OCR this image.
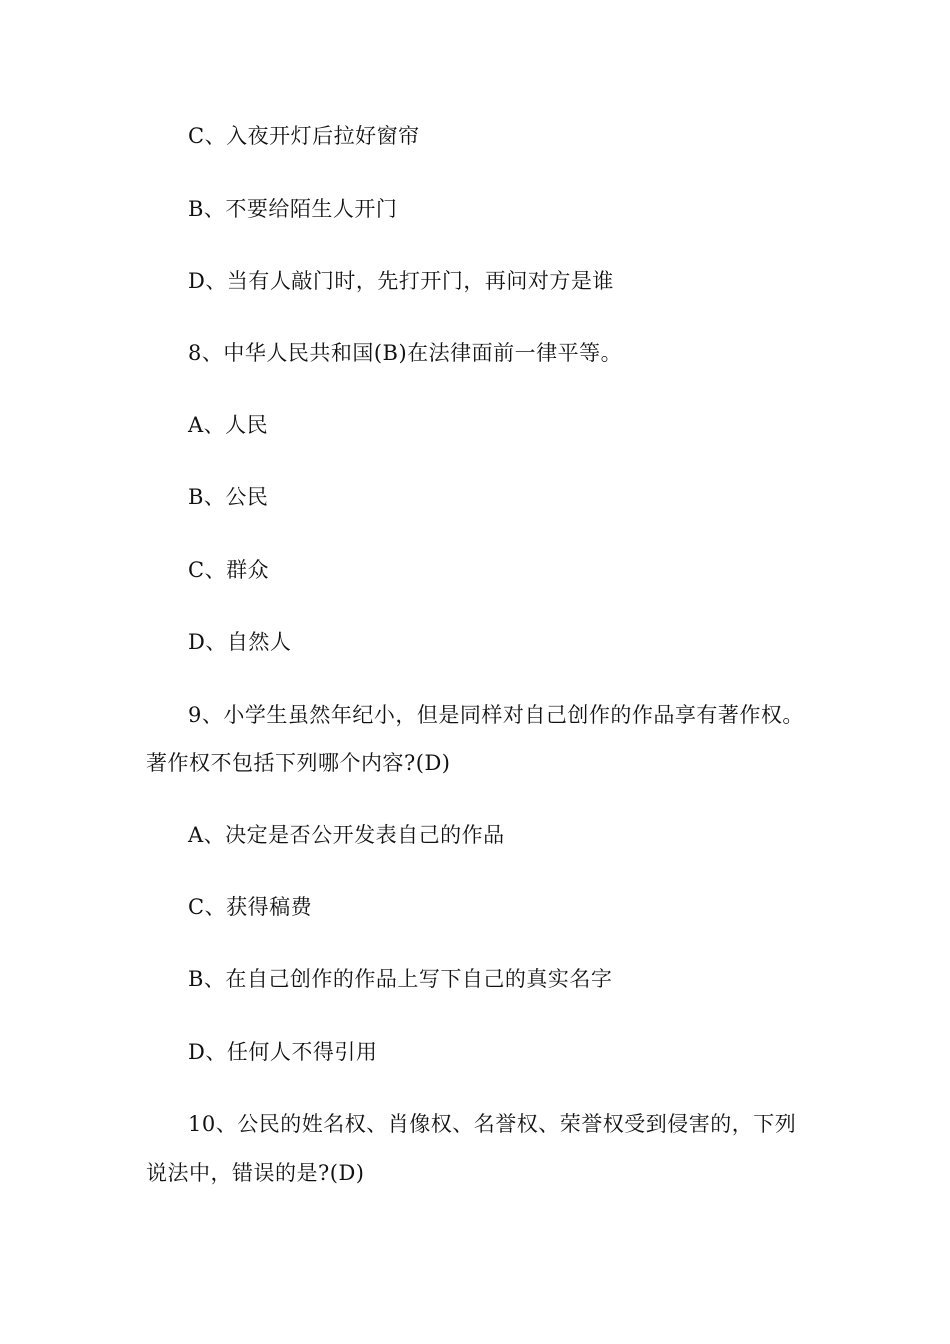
C、入夜开灯后拉好窗帘
B、不要给陌生人开门
D、当有人敲门时，先打开门，再问对方是谁
8、中华人民共和国(B)在法律面前一律平等。
A、人民
B、公民
C、群众
D、自然人
9、小学生虽然年纪小，但是同样对自己创作的作品享有著作权。
著作权不包括下列哪个内容?(D)
A、决定是否公开发表自己的作品
C、获得稿费
B、在自己创作的作品上写下自己的真实名字
D、任何人不得引用
10、公民的姓名权、肖像权、名誉权、荣誉权受到侵害的，下列
说法中，错误的是?(D)
